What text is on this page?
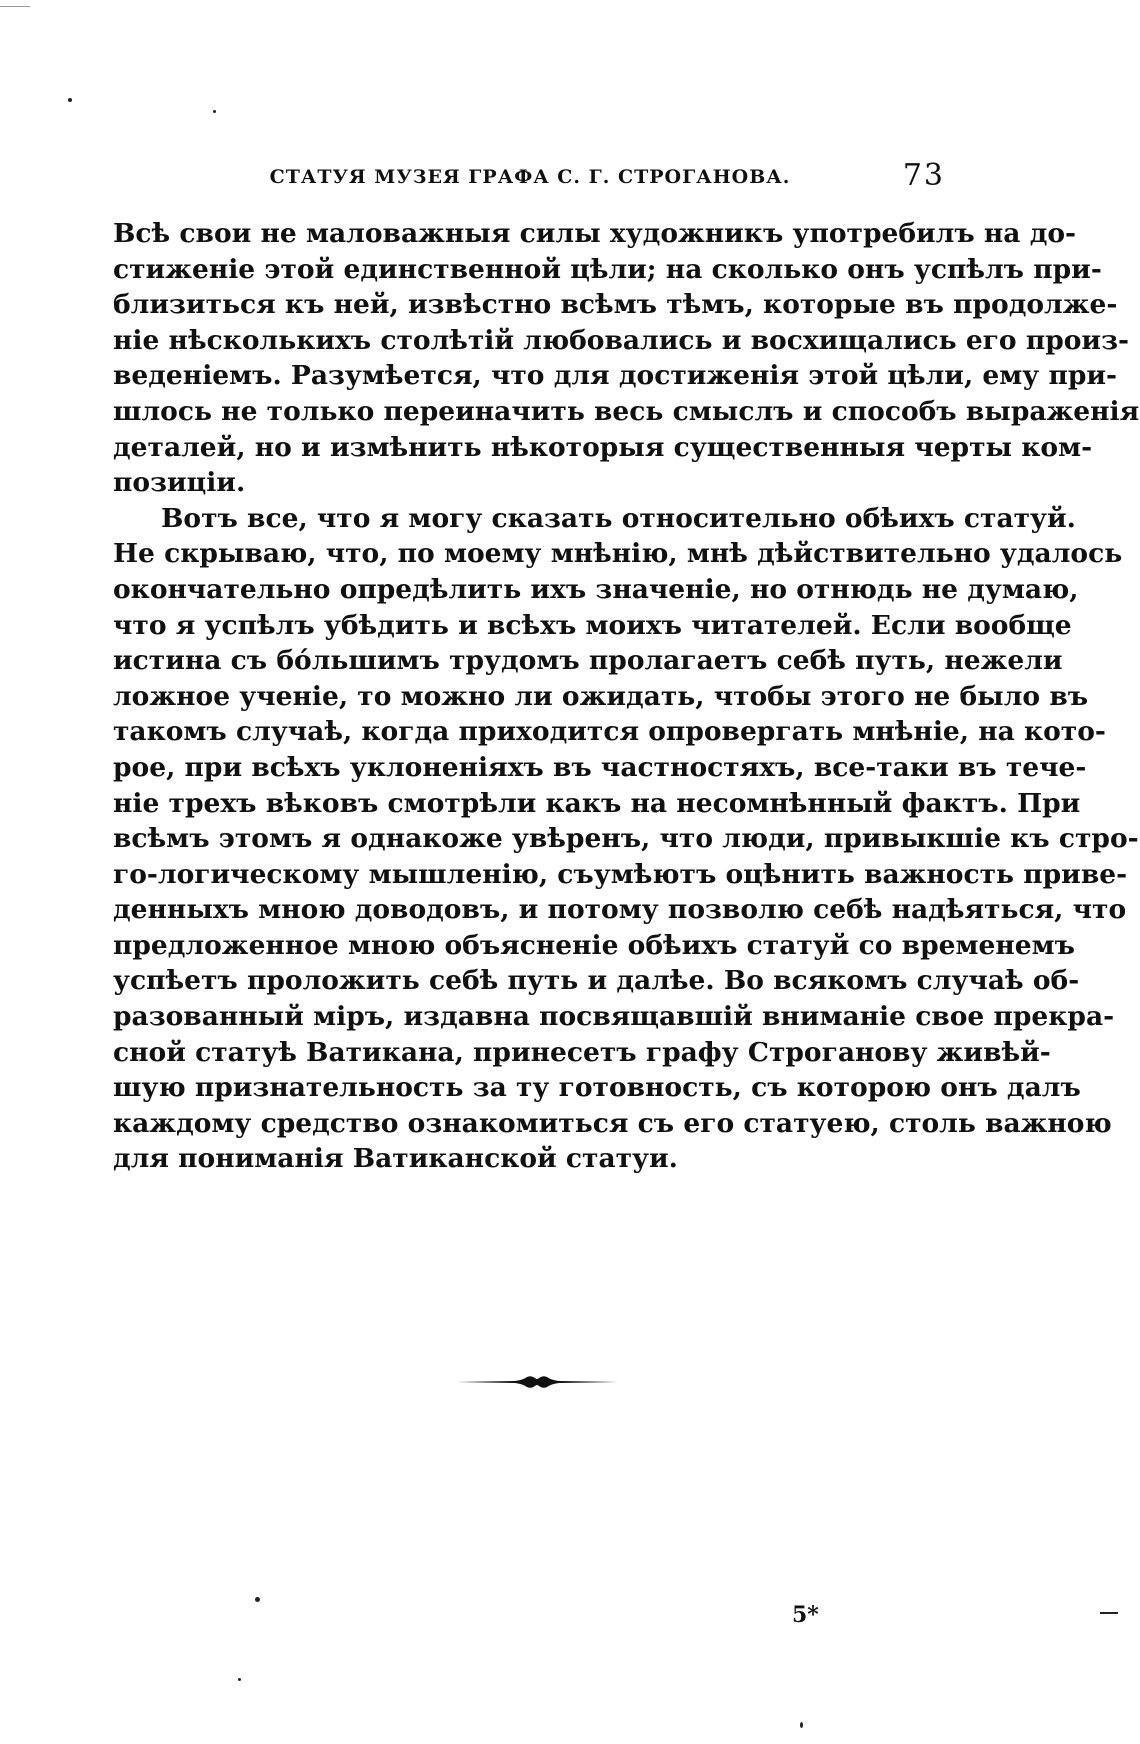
СТАТУЯ МУЗЕЯ ГРАФА С. Г. СТРОГАНОВА.	73
Всѣ свои не маловажныя силы художникъ употребилъ на до-
стиженіе этой единственной цѣли; на сколько онъ успѣлъ при-
близиться къ ней, извѣстно всѣмъ тѣмъ, которые въ продолже-
ніе нѣсколькихъ столѣтій любовались и восхищались его произ-
веденіемъ. Разумѣется, что для достиженія этой цѣли, ему при-
шлось не только переиначить весь смыслъ и способъ выраженія
деталей, но и измѣнить нѣкоторыя существенныя черты ком-
позиціи.
Вотъ все, что я могу сказать относительно обѣихъ статуй.
Не скрываю, что, по моему мнѣнію, мнѣ дѣйствительно удалось
окончательно опредѣлить ихъ значеніе, но отнюдь не думаю,
что я успѣлъ убѣдить и всѣхъ моихъ читателей. Если вообще
истина съ бóльшимъ трудомъ пролагаетъ себѣ путь, нежели
ложное ученіе, то можно ли ожидать, чтобы этого не было въ
такомъ случаѣ, когда приходится опровергать мнѣніе, на кото-
рое, при всѣхъ уклоненіяхъ въ частностяхъ, все-таки въ тече-
ніе трехъ вѣковъ смотрѣли какъ на несомнѣнный фактъ. При
всѣмъ этомъ я однакоже увѣренъ, что люди, привыкшіе къ стро-
го-логическому мышленію, съумѣютъ оцѣнить важность приве-
денныхъ мною доводовъ, и потому позволю себѣ надѣяться, что
предложенное мною объясненіе обѣихъ статуй со временемъ
успѣетъ проложить себѣ путь и далѣе. Во всякомъ случаѣ об-
разованный міръ, издавна посвящавшій вниманіе свое прекра-
сной статуѣ Ватикана, принесетъ графу Строганову живѣй-
шую признательность за ту готовность, съ которою онъ далъ
каждому средство ознакомиться съ его статуею, столь важною
для пониманія Ватиканской статуи.
5*
